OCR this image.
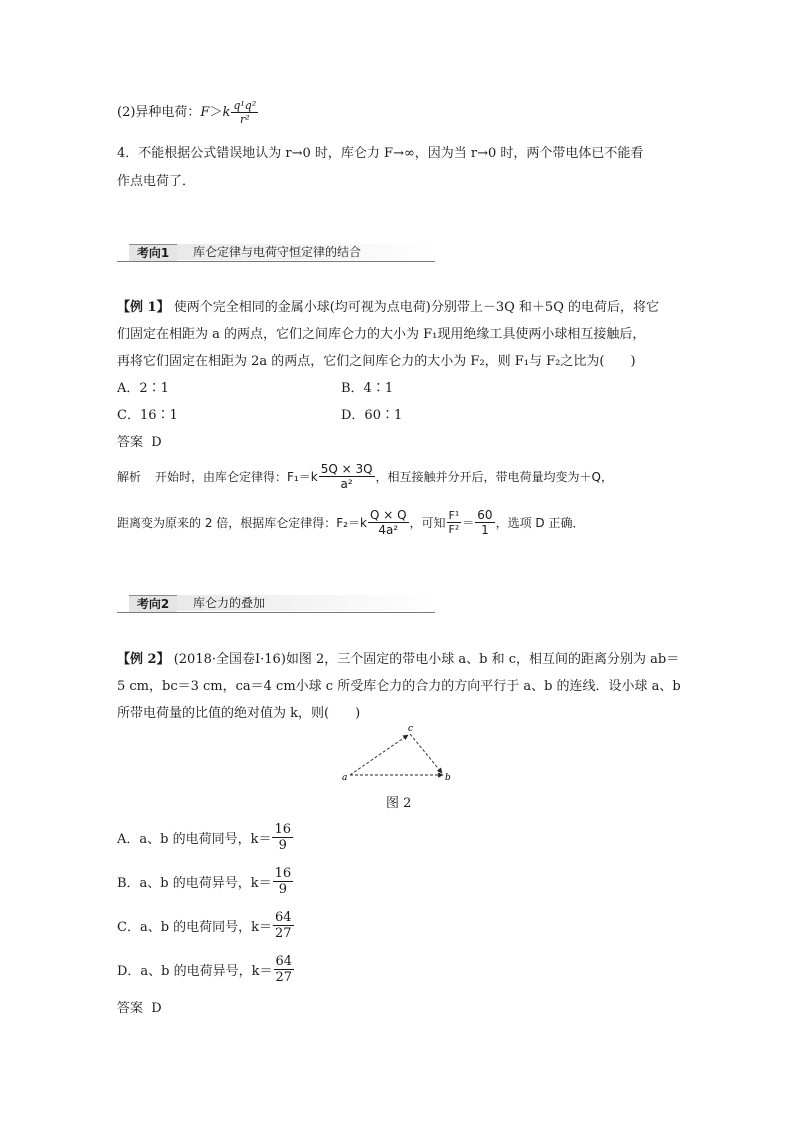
(2)异种电荷：$F>k \frac{\text{q¹q²}}{\text{r²}}$
4．不能根据公式错误地认为 r→0 时，库仑力 F→∞，因为当 r→0 时，两个带电体已不能看
作点电荷了．
考向1	库仑定律与电荷守恒定律的结合
【例 1】 使两个完全相同的金属小球(均可视为点电荷)分别带上－3Q 和＋5Q 的电荷后，将它
们固定在相距为 a 的两点，它们之间库仑力的大小为 F₁现用绝缘工具使两小球相互接触后，
再将它们固定在相距为 2a 的两点，它们之间库仑力的大小为 F₂，则 F₁与 F₂之比为(　　)
A．2∶1	B．4∶1
C．16∶1	D．60∶1
答案 D
解析 开始时，由库仑定律得：$F_1=k \frac{5Q \times 3Q}{\text{a²}}$ ，相互接触并分开后，带电荷量均变为＋Q，
距离变为原来的 2 倍，根据库仑定律得：$F_2=k \frac{Q \times Q}{\text{4a²}}$ ，可知 $\frac{\text{F¹}}{\text{F²}} = \frac{60}{1}$ ，选项 D 正确．
考向2	库仑力的叠加
【例 2】 (2018·全国卷Ⅰ·16)如图 2，三个固定的带电小球 a、b 和 c，相互间的距离分别为 ab＝
5 cm，bc＝3 cm，ca＝4 cm小球 c 所受库仑力的合力的方向平行于 a、b 的连线．设小球 a、b
所带电荷量的比值的绝对值为 k，则(　　)
a	b
c
图 2
A．a、b 的电荷同号，$k= \frac{16}{9}$
B．a、b 的电荷异号，$k= \frac{16}{9}$
C．a、b 的电荷同号，$k= \frac{64}{27}$
D．a、b 的电荷异号，$k= \frac{64}{27}$
答案 D
